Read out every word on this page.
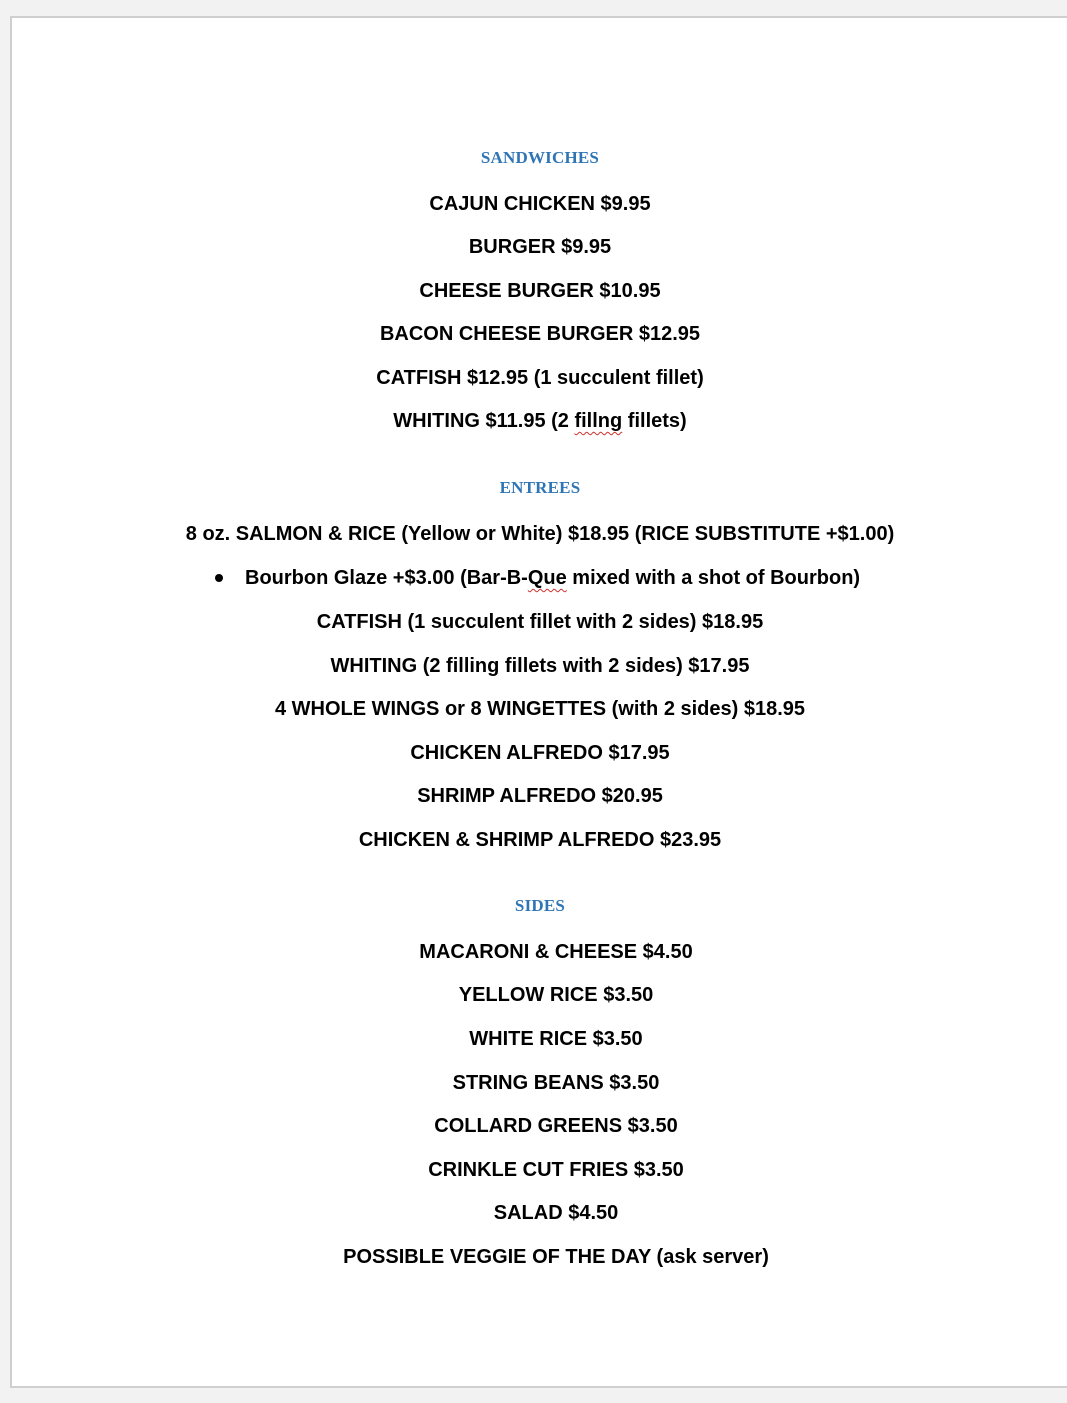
SANDWICHES
CAJUN CHICKEN $9.95
BURGER $9.95
CHEESE BURGER $10.95
BACON CHEESE BURGER $12.95
CATFISH $12.95 (1 succulent fillet)
WHITING $11.95 (2 fillng fillets)
ENTREES
8 oz. SALMON & RICE (Yellow or White) $18.95 (RICE SUBSTITUTE +$1.00)
Bourbon Glaze +$3.00 (Bar-B-Que mixed with a shot of Bourbon)
CATFISH (1 succulent fillet with 2 sides) $18.95
WHITING (2 filling fillets with 2 sides) $17.95
4 WHOLE WINGS or 8 WINGETTES (with 2 sides) $18.95
CHICKEN ALFREDO $17.95
SHRIMP ALFREDO $20.95
CHICKEN & SHRIMP ALFREDO $23.95
SIDES
MACARONI & CHEESE $4.50
YELLOW RICE $3.50
WHITE RICE $3.50
STRING BEANS $3.50
COLLARD GREENS $3.50
CRINKLE CUT FRIES $3.50
SALAD $4.50
POSSIBLE VEGGIE OF THE DAY (ask server)
